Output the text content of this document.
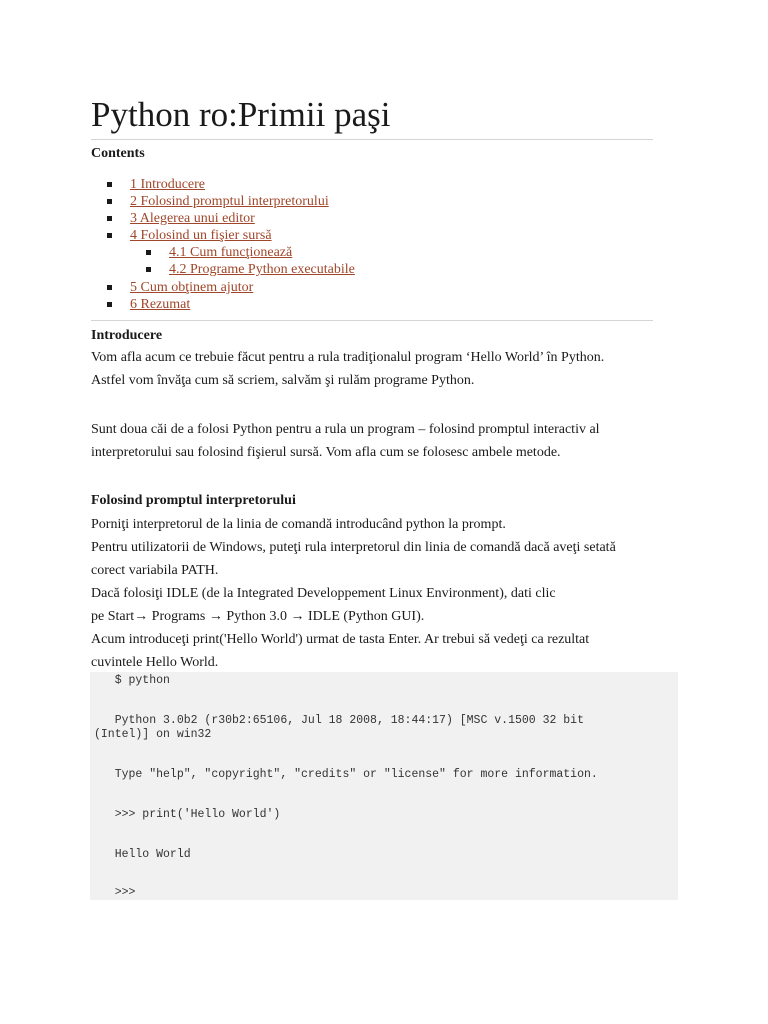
Python ro:Primii paşi
Contents
1 Introducere
2 Folosind promptul interpretorului
3 Alegerea unui editor
4 Folosind un fişier sursă
4.1 Cum funcţionează
4.2 Programe Python executabile
5 Cum obţinem ajutor
6 Rezumat
Introducere
Vom afla acum ce trebuie făcut pentru a rula tradiţionalul program ‘Hello World’ în Python.
Astfel vom învăţa cum să scriem, salvăm şi rulăm programe Python.
Sunt doua căi de a folosi Python pentru a rula un program – folosind promptul interactiv al
interpretorului sau folosind fişierul sursă. Vom afla cum se folosesc ambele metode.
Folosind promptul interpretorului
Porniţi interpretorul de la linia de comandă introducând python la prompt.
Pentru utilizatorii de Windows, puteţi rula interpretorul din linia de comandă dacă aveţi setată
corect variabila PATH.
Dacă folosiţi IDLE (de la Integrated Developpement Linux Environment), dati clic
pe Start→ Programs → Python 3.0 → IDLE (Python GUI).
Acum introduceţi print('Hello World') urmat de tasta Enter. Ar trebui să vedeţi ca rezultat
cuvintele Hello World.
$ python
Python 3.0b2 (r30b2:65106, Jul 18 2008, 18:44:17) [MSC v.1500 32 bit
(Intel)] on win32
Type "help", "copyright", "credits" or "license" for more information.
>>> print('Hello World')
Hello World
>>>
